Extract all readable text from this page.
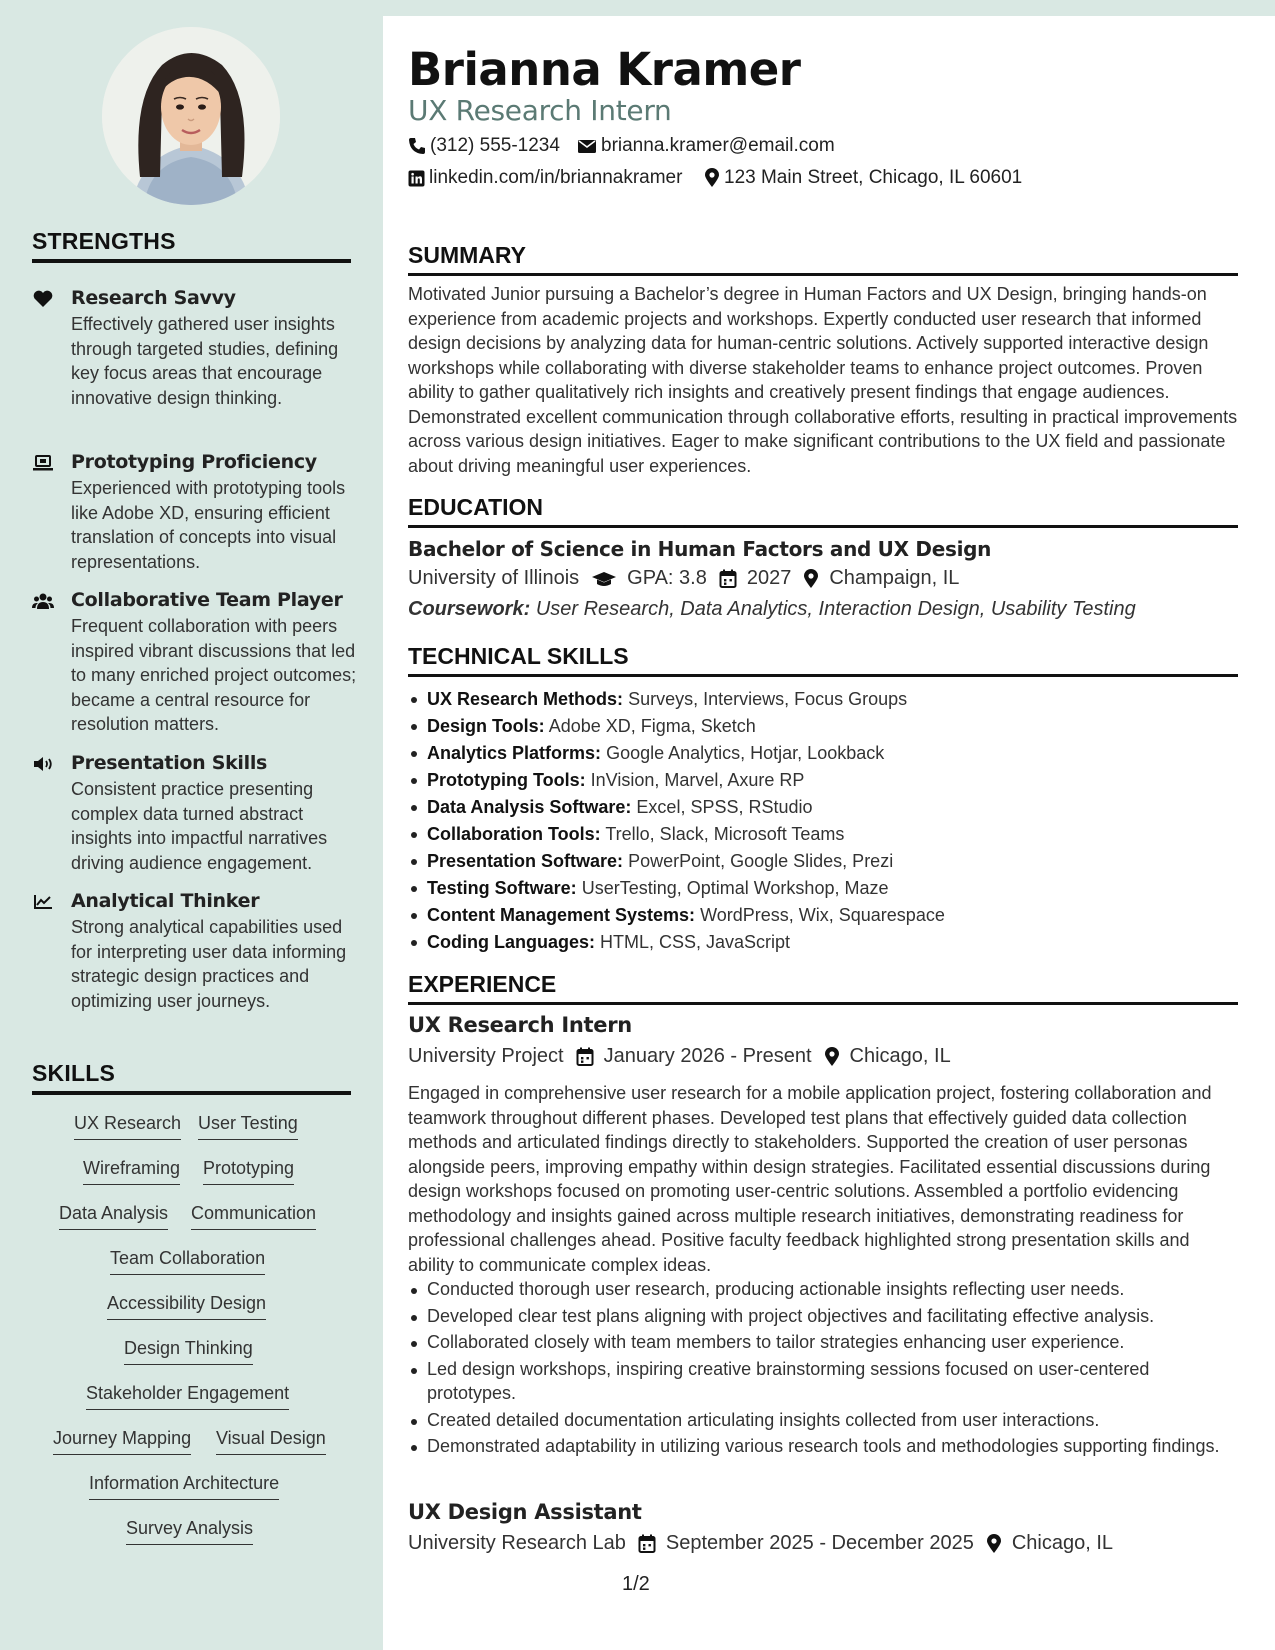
STRENGTHS
Research Savvy
Effectively gathered user insights through targeted studies, defining key focus areas that encourage innovative design thinking.
Prototyping Proficiency
Experienced with prototyping tools like Adobe XD, ensuring efficient translation of concepts into visual representations.
Collaborative Team Player
Frequent collaboration with peers inspired vibrant discussions that led to many enriched project outcomes; became a central resource for resolution matters.
Presentation Skills
Consistent practice presenting complex data turned abstract insights into impactful narratives driving audience engagement.
Analytical Thinker
Strong analytical capabilities used for interpreting user data informing strategic design practices and optimizing user journeys.
SKILLS
UX Research User Testing
Wireframing Prototyping
Data Analysis Communication
Team Collaboration
Accessibility Design
Design Thinking
Stakeholder Engagement
Journey Mapping Visual Design
Information Architecture
Survey Analysis
Brianna Kramer
UX Research Intern
(312) 555-1234 brianna.kramer@email.com
linkedin.com/in/briannakramer 123 Main Street, Chicago, IL 60601
SUMMARY
Motivated Junior pursuing a Bachelor’s degree in Human Factors and UX Design, bringing hands-on experience from academic projects and workshops. Expertly conducted user research that informed design decisions by analyzing data for human-centric solutions. Actively supported interactive design workshops while collaborating with diverse stakeholder teams to enhance project outcomes. Proven ability to gather qualitatively rich insights and creatively present findings that engage audiences. Demonstrated excellent communication through collaborative efforts, resulting in practical improvements across various design initiatives. Eager to make significant contributions to the UX field and passionate about driving meaningful user experiences.
EDUCATION
Bachelor of Science in Human Factors and UX Design
University of Illinois GPA: 3.8 2027 Champaign, IL
Coursework: User Research, Data Analytics, Interaction Design, Usability Testing
TECHNICAL SKILLS
UX Research Methods: Surveys, Interviews, Focus Groups
Design Tools: Adobe XD, Figma, Sketch
Analytics Platforms: Google Analytics, Hotjar, Lookback
Prototyping Tools: InVision, Marvel, Axure RP
Data Analysis Software: Excel, SPSS, RStudio
Collaboration Tools: Trello, Slack, Microsoft Teams
Presentation Software: PowerPoint, Google Slides, Prezi
Testing Software: UserTesting, Optimal Workshop, Maze
Content Management Systems: WordPress, Wix, Squarespace
Coding Languages: HTML, CSS, JavaScript
EXPERIENCE
UX Research Intern
University Project January 2026 - Present Chicago, IL
Engaged in comprehensive user research for a mobile application project, fostering collaboration and teamwork throughout different phases. Developed test plans that effectively guided data collection methods and articulated findings directly to stakeholders. Supported the creation of user personas alongside peers, improving empathy within design strategies. Facilitated essential discussions during design workshops focused on promoting user-centric solutions. Assembled a portfolio evidencing methodology and insights gained across multiple research initiatives, demonstrating readiness for professional challenges ahead. Positive faculty feedback highlighted strong presentation skills and ability to communicate complex ideas.
Conducted thorough user research, producing actionable insights reflecting user needs.
Developed clear test plans aligning with project objectives and facilitating effective analysis.
Collaborated closely with team members to tailor strategies enhancing user experience.
Led design workshops, inspiring creative brainstorming sessions focused on user-centered prototypes.
Created detailed documentation articulating insights collected from user interactions.
Demonstrated adaptability in utilizing various research tools and methodologies supporting findings.
UX Design Assistant
University Research Lab September 2025 - December 2025 Chicago, IL
1/2
